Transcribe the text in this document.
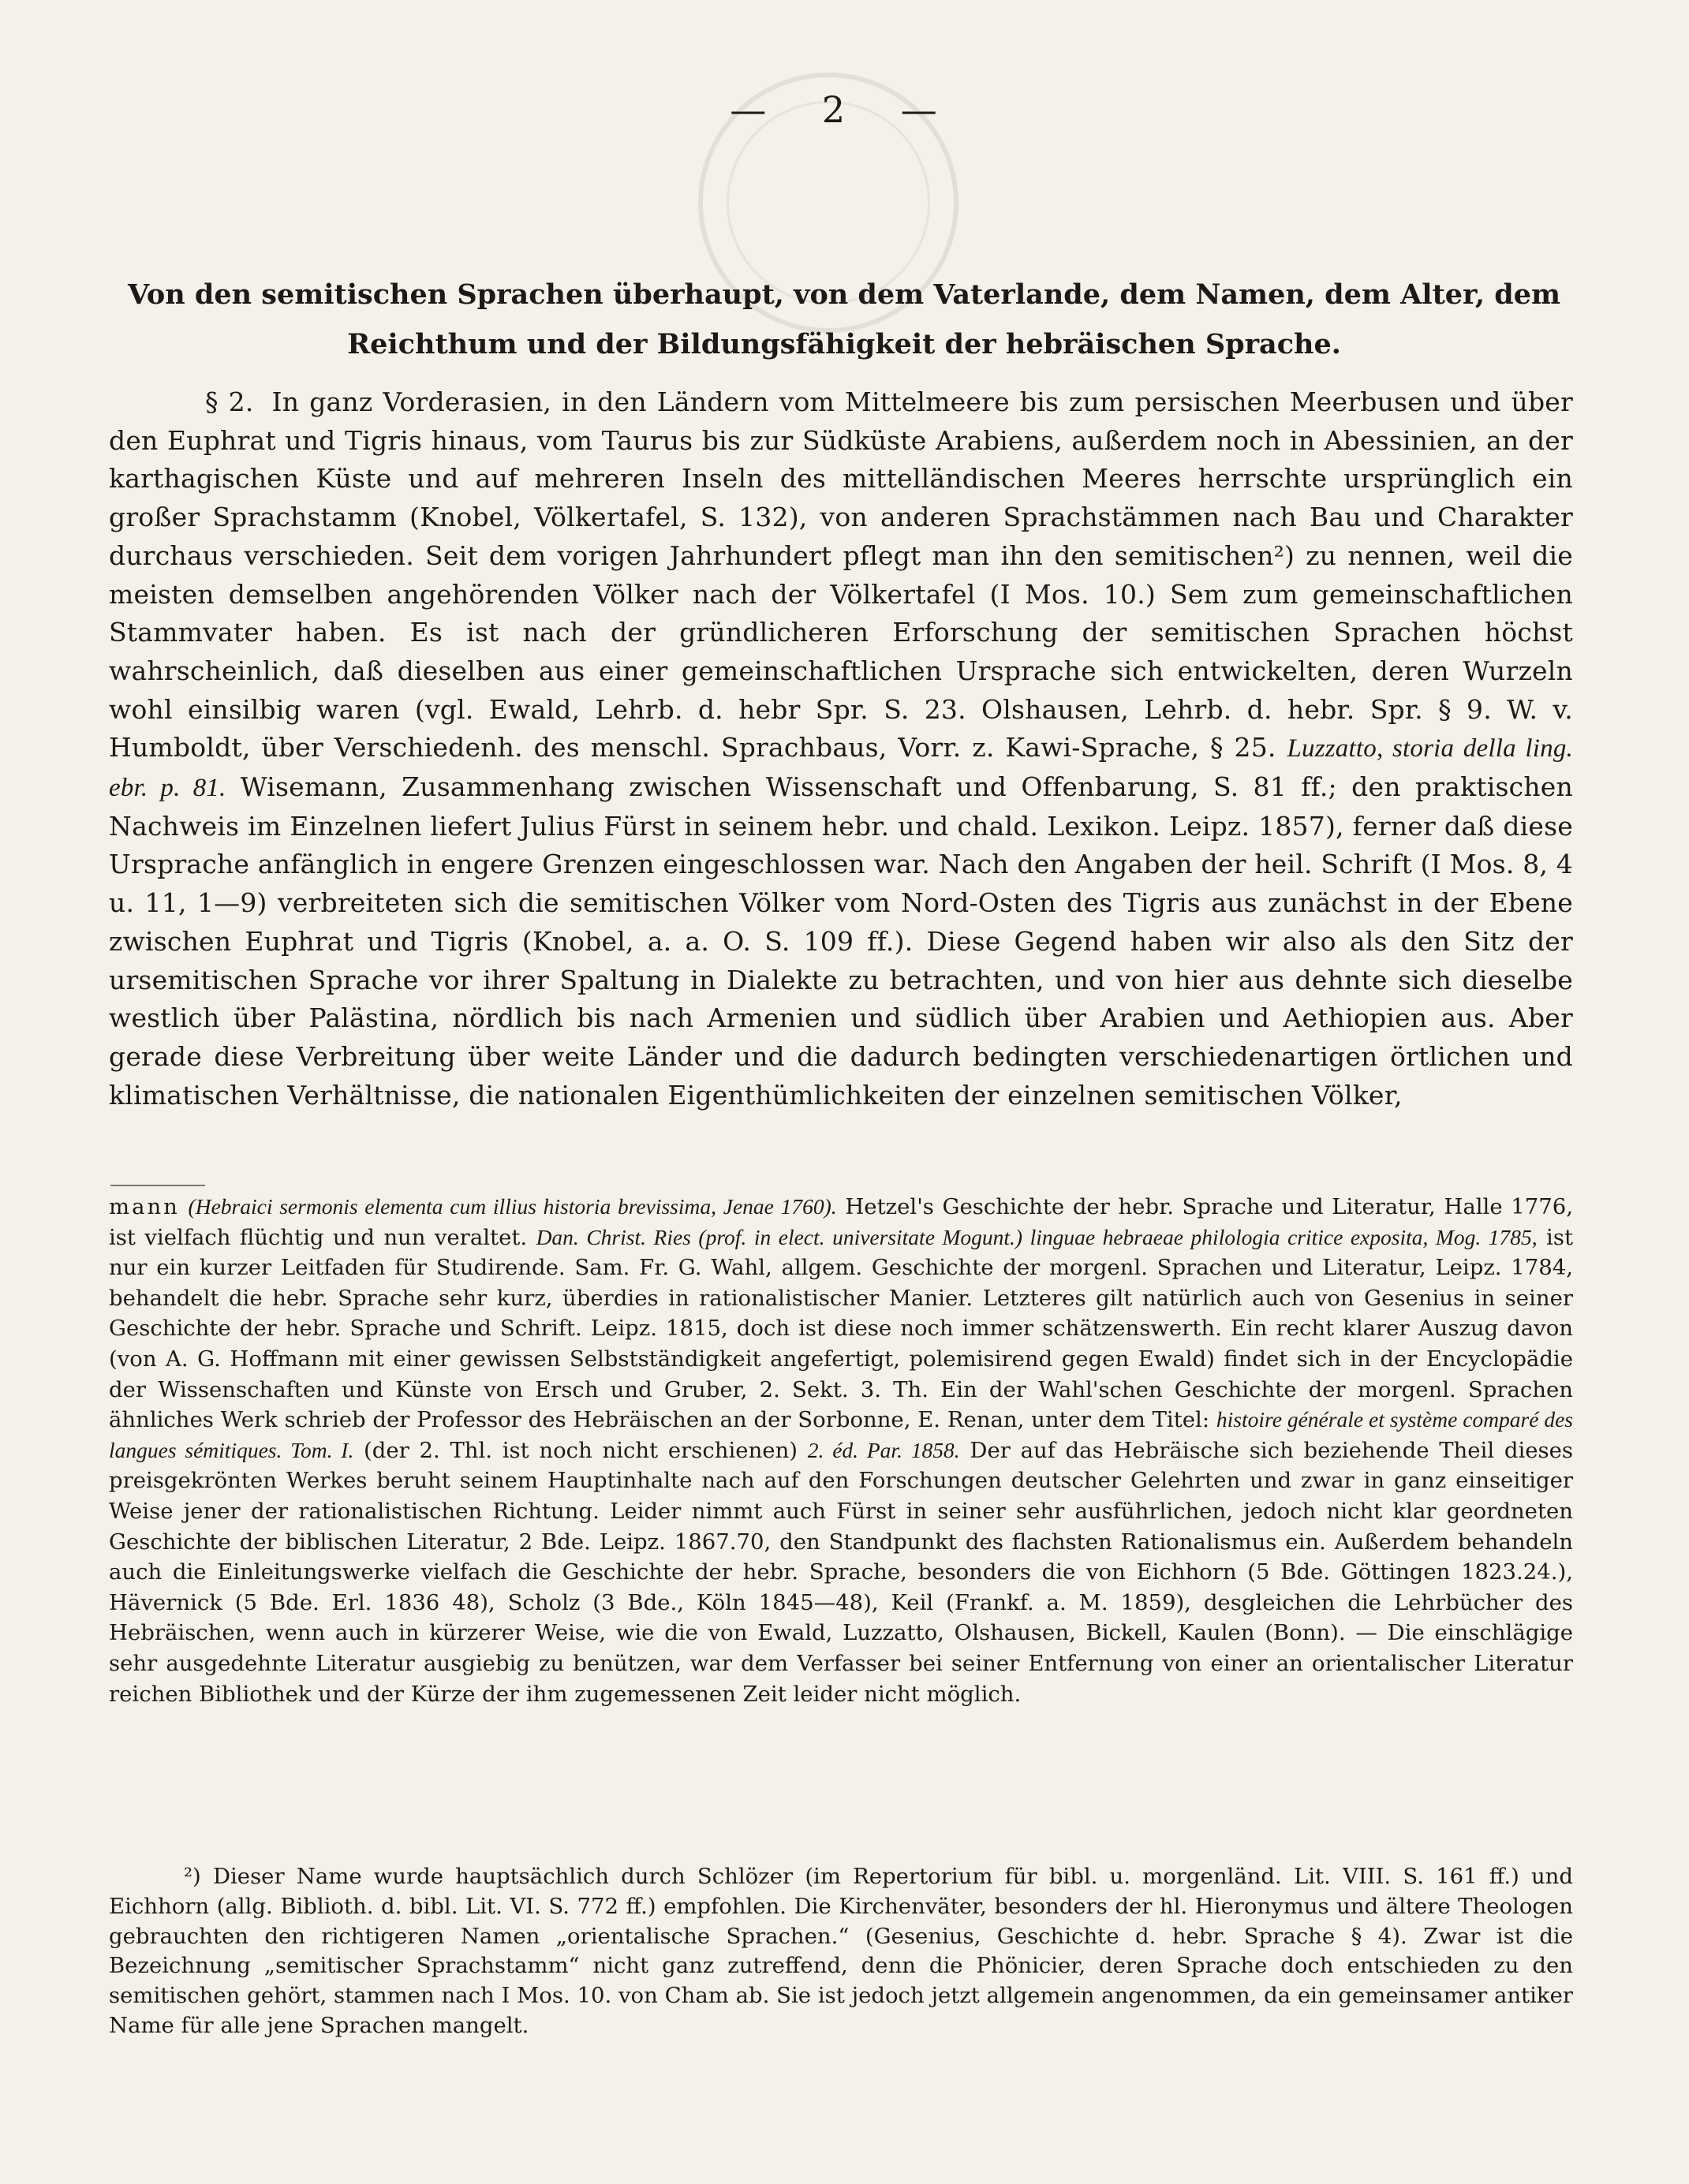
— 2 —
Von den semitischen Sprachen überhaupt, von dem Vaterlande, dem Namen, dem Alter, dem Reichthum und der Bildungsfähigkeit der hebräischen Sprache.
§ 2. In ganz Vorderasien, in den Ländern vom Mittelmeere bis zum persischen Meerbusen und über den Euphrat und Tigris hinaus, vom Taurus bis zur Südküste Arabiens, außerdem noch in Abessinien, an der karthagischen Küste und auf mehreren Inseln des mittelländischen Meeres herrschte ursprünglich ein großer Sprachstamm (Knobel, Völkertafel, S. 132), von anderen Sprachstämmen nach Bau und Charakter durchaus verschieden. Seit dem vorigen Jahrhundert pflegt man ihn den semitischen²) zu nennen, weil die meisten demselben angehörenden Völker nach der Völkertafel (I Mos. 10.) Sem zum gemeinschaftlichen Stammvater haben. Es ist nach der gründlicheren Erforschung der semitischen Sprachen höchst wahrscheinlich, daß dieselben aus einer gemeinschaftlichen Ursprache sich entwickelten, deren Wurzeln wohl einsilbig waren (vgl. Ewald, Lehrb. d. hebr Spr. S. 23. Olshausen, Lehrb. d. hebr. Spr. § 9. W. v. Humboldt, über Verschiedenh. des menschl. Sprachbaus, Vorr. z. Kawi-Sprache, § 25. Luzzatto, storia della ling. ebr. p. 81. Wisemann, Zusammenhang zwischen Wissenschaft und Offenbarung, S. 81 ff.; den praktischen Nachweis im Einzelnen liefert Julius Fürst in seinem hebr. und chald. Lexikon. Leipz. 1857), ferner daß diese Ursprache anfänglich in engere Grenzen eingeschlossen war. Nach den Angaben der heil. Schrift (I Mos. 8, 4 u. 11, 1—9) verbreiteten sich die semitischen Völker vom Nord-Osten des Tigris aus zunächst in der Ebene zwischen Euphrat und Tigris (Knobel, a. a. O. S. 109 ff.). Diese Gegend haben wir also als den Sitz der ursemitischen Sprache vor ihrer Spaltung in Dialekte zu betrachten, und von hier aus dehnte sich dieselbe westlich über Palästina, nördlich bis nach Armenien und südlich über Arabien und Aethiopien aus. Aber gerade diese Verbreitung über weite Länder und die dadurch bedingten verschiedenartigen örtlichen und klimatischen Verhältnisse, die nationalen Eigenthümlichkeiten der einzelnen semitischen Völker,
mann (Hebraici sermonis elementa cum illius historia brevissima, Jenae 1760). Hetzel's Geschichte der hebr. Sprache und Literatur, Halle 1776, ist vielfach flüchtig und nun veraltet. Dan. Christ. Ries (prof. in elect. universitate Mogunt.) linguae hebraeae philologia critice exposita, Mog. 1785, ist nur ein kurzer Leitfaden für Studirende. Sam. Fr. G. Wahl, allgem. Geschichte der morgenl. Sprachen und Literatur, Leipz. 1784, behandelt die hebr. Sprache sehr kurz, überdies in rationalistischer Manier. Letzteres gilt natürlich auch von Gesenius in seiner Geschichte der hebr. Sprache und Schrift. Leipz. 1815, doch ist diese noch immer schätzenswerth. Ein recht klarer Auszug davon (von A. G. Hoffmann mit einer gewissen Selbstständigkeit angefertigt, polemisirend gegen Ewald) findet sich in der Encyclopädie der Wissenschaften und Künste von Ersch und Gruber, 2. Sekt. 3. Th. Ein der Wahl'schen Geschichte der morgenl. Sprachen ähnliches Werk schrieb der Professor des Hebräischen an der Sorbonne, E. Renan, unter dem Titel: histoire générale et système comparé des langues sémitiques. Tom. I. (der 2. Thl. ist noch nicht erschienen) 2. éd. Par. 1858. Der auf das Hebräische sich beziehende Theil dieses preisgekrönten Werkes beruht seinem Hauptinhalte nach auf den Forschungen deutscher Gelehrten und zwar in ganz einseitiger Weise jener der rationalistischen Richtung. Leider nimmt auch Fürst in seiner sehr ausführlichen, jedoch nicht klar geordneten Geschichte der biblischen Literatur, 2 Bde. Leipz. 1867.70, den Standpunkt des flachsten Rationalismus ein. Außerdem behandeln auch die Einleitungswerke vielfach die Geschichte der hebr. Sprache, besonders die von Eichhorn (5 Bde. Göttingen 1823.24.), Hävernick (5 Bde. Erl. 1836 48), Scholz (3 Bde., Köln 1845—48), Keil (Frankf. a. M. 1859), desgleichen die Lehrbücher des Hebräischen, wenn auch in kürzerer Weise, wie die von Ewald, Luzzatto, Olshausen, Bickell, Kaulen (Bonn). — Die einschlägige sehr ausgedehnte Literatur ausgiebig zu benützen, war dem Verfasser bei seiner Entfernung von einer an orientalischer Literatur reichen Bibliothek und der Kürze der ihm zugemessenen Zeit leider nicht möglich.
²) Dieser Name wurde hauptsächlich durch Schlözer (im Repertorium für bibl. u. morgenländ. Lit. VIII. S. 161 ff.) und Eichhorn (allg. Biblioth. d. bibl. Lit. VI. S. 772 ff.) empfohlen. Die Kirchenväter, besonders der hl. Hieronymus und ältere Theologen gebrauchten den richtigeren Namen „orientalische Sprachen.“ (Gesenius, Geschichte d. hebr. Sprache § 4). Zwar ist die Bezeichnung „semitischer Sprachstamm“ nicht ganz zutreffend, denn die Phönicier, deren Sprache doch entschieden zu den semitischen gehört, stammen nach I Mos. 10. von Cham ab. Sie ist jedoch jetzt allgemein angenommen, da ein gemeinsamer antiker Name für alle jene Sprachen mangelt.
